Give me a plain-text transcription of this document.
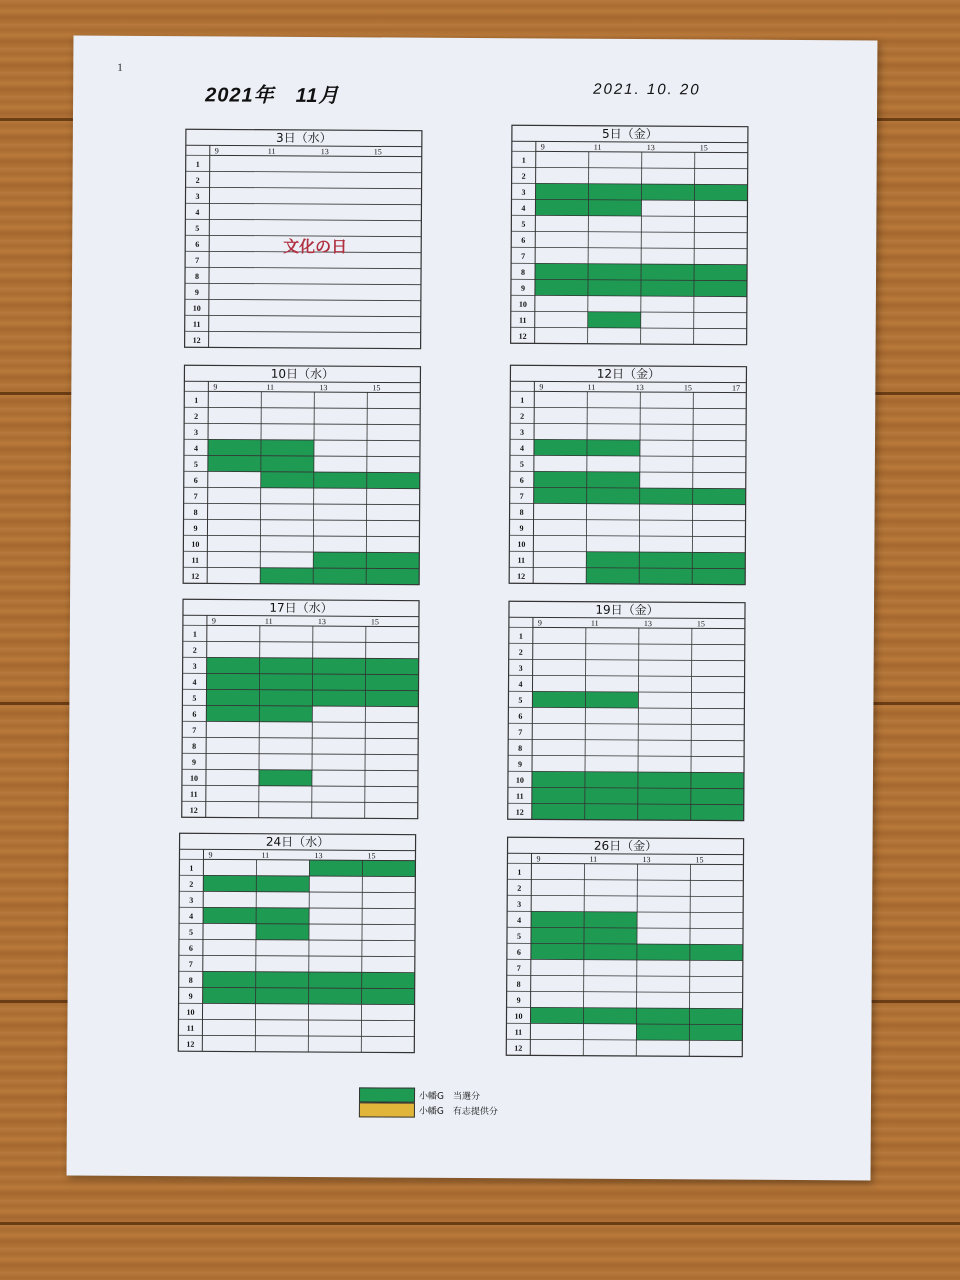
1
2021年　11月	2021. 10. 20
3日（水）
文化の日
9	11	13	15
1
2
3
4
5
6
7
8
9
10
11
12
5日（金）
9	11	13	15
1
2
3
4
5
6
7
8
9
10
11
12
10日（水）
9	11	13	15
1
2
3
4
5
6
7
8
9
10
11
12
12日（金）
9	11	13	15	17
1
2
3
4
5
6
7
8
9
10
11
12
17日（水）
9	11	13	15
1
2
3
4
5
6
7
8
9
10
11
12
19日（金）
9	11	13	15
1
2
3
4
5
6
7
8
9
10
11
12
24日（水）
9	11	13	15
1
2
3
4
5
6
7
8
9
10
11
12
26日（金）
9	11	13	15
1
2
3
4
5
6
7
8
9
10
11
12
小幡G　当選分
小幡G　有志提供分
